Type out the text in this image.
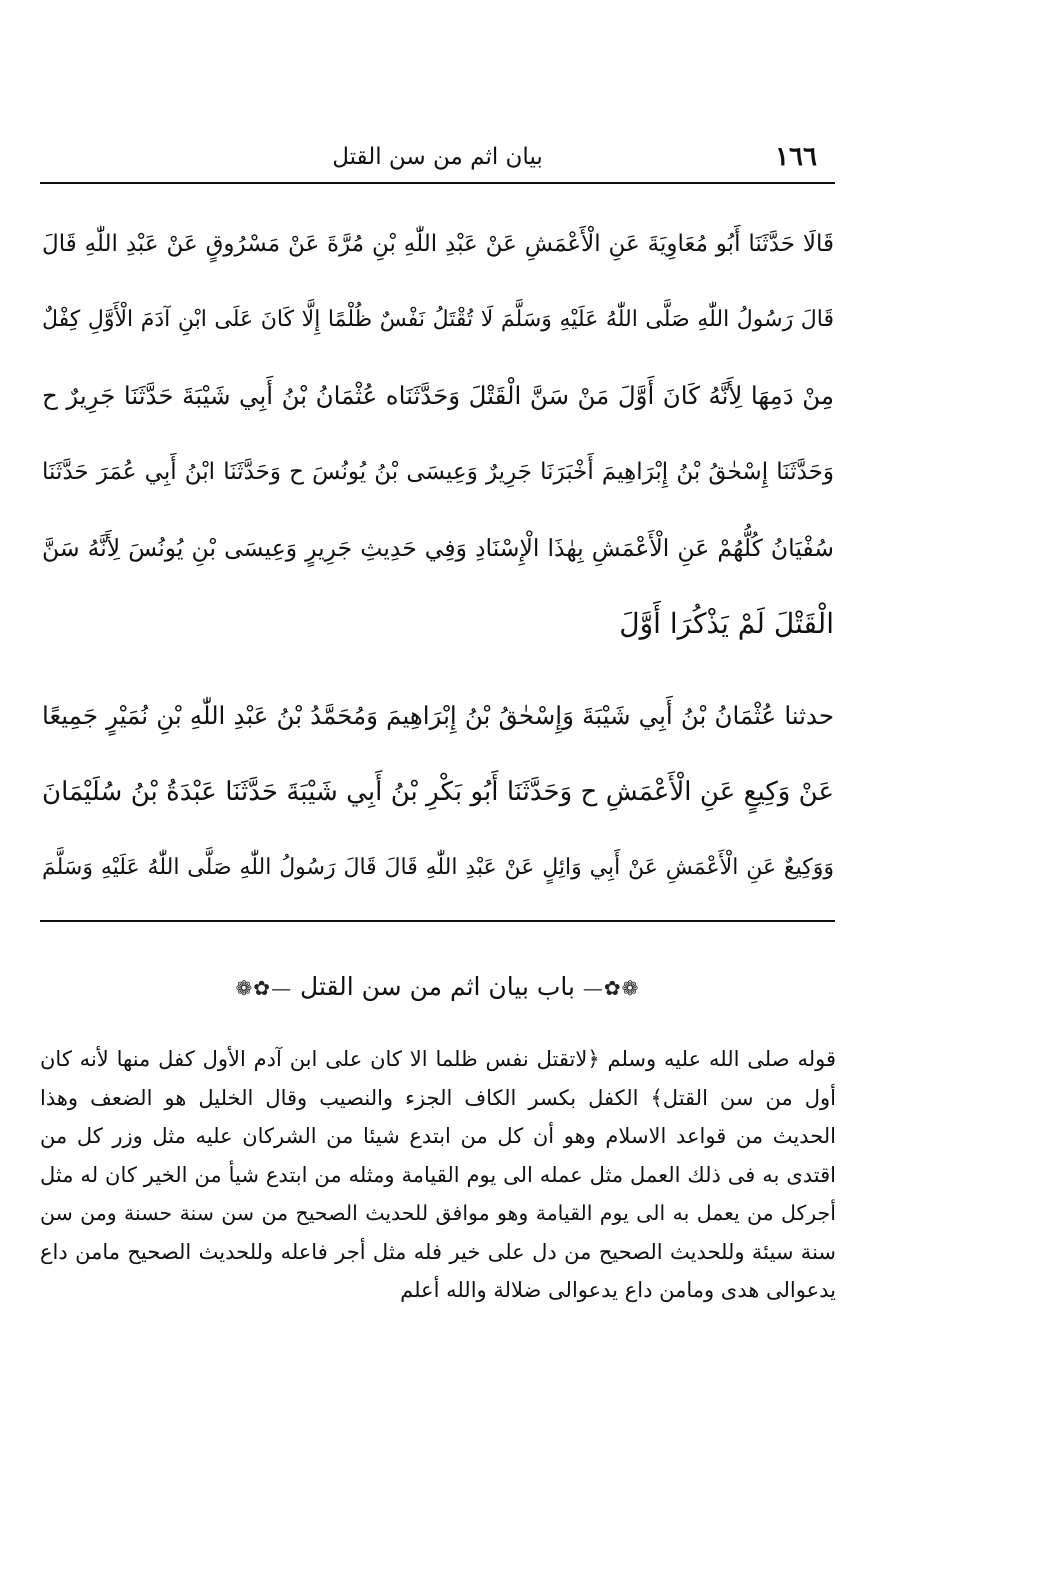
١٦٦
بيان اثم من سن القتل
قَالَا حَدَّثَنَا أَبُو مُعَاوِيَةَ عَنِ الْأَعْمَشِ عَنْ عَبْدِ اللّٰهِ بْنِ مُرَّةَ عَنْ مَسْرُوقٍ عَنْ عَبْدِ اللّٰهِ قَالَ
قَالَ رَسُولُ اللّٰهِ صَلَّى اللّٰهُ عَلَيْهِ وَسَلَّمَ لَا تُقْتَلُ نَفْسٌ ظُلْمًا إِلَّا كَانَ عَلَى ابْنِ آدَمَ الْأَوَّلِ كِفْلٌ
مِنْ دَمِهَا لِأَنَّهُ كَانَ أَوَّلَ مَنْ سَنَّ الْقَتْلَ وَحَدَّثَنَاه عُثْمَانُ بْنُ أَبِي شَيْبَةَ حَدَّثَنَا جَرِيرٌ ح
وَحَدَّثَنَا إِسْحٰقُ بْنُ إِبْرَاهِيمَ أَخْبَرَنَا جَرِيرٌ وَعِيسَى بْنُ يُونُسَ ح وَحَدَّثَنَا ابْنُ أَبِي عُمَرَ حَدَّثَنَا
سُفْيَانُ كُلُّهُمْ عَنِ الْأَعْمَشِ بِهٰذَا الْإِسْنَادِ وَفِي حَدِيثِ جَرِيرٍ وَعِيسَى بْنِ يُونُسَ لِأَنَّهُ سَنَّ
الْقَتْلَ لَمْ يَذْكُرَا أَوَّلَ
حدثنا عُثْمَانُ بْنُ أَبِي شَيْبَةَ وَإِسْحٰقُ بْنُ إِبْرَاهِيمَ وَمُحَمَّدُ بْنُ عَبْدِ اللّٰهِ بْنِ نُمَيْرٍ جَمِيعًا
عَنْ وَكِيعٍ عَنِ الْأَعْمَشِ ح وَحَدَّثَنَا أَبُو بَكْرِ بْنُ أَبِي شَيْبَةَ حَدَّثَنَا عَبْدَةُ بْنُ سُلَيْمَانَ
وَوَكِيعٌ عَنِ الْأَعْمَشِ عَنْ أَبِي وَائِلٍ عَنْ عَبْدِ اللّٰهِ قَالَ قَالَ رَسُولُ اللّٰهِ صَلَّى اللّٰهُ عَلَيْهِ وَسَلَّمَ
❁✿— باب بيان اثم من سن القتل —✿❁
قوله صلى الله عليه وسلم ﴿لاتقتل نفس ظلما الا كان على ابن آدم الأول كفل منها لأنه كان
أول من سن القتل﴾ الكفل بكسر الكاف الجزء والنصيب وقال الخليل هو الضعف وهذا
الحديث من قواعد الاسلام وهو أن كل من ابتدع شيئا من الشركان عليه مثل وزر كل من
اقتدى به فى ذلك العمل مثل عمله الى يوم القيامة ومثله من ابتدع شيأ من الخير كان له مثل
أجركل من يعمل به الى يوم القيامة وهو موافق للحديث الصحيح من سن سنة حسنة ومن سن
سنة سيئة وللحديث الصحيح من دل على خير فله مثل أجر فاعله وللحديث الصحيح مامن داع
يدعوالى هدى ومامن داع يدعوالى ضلالة والله أعلم
